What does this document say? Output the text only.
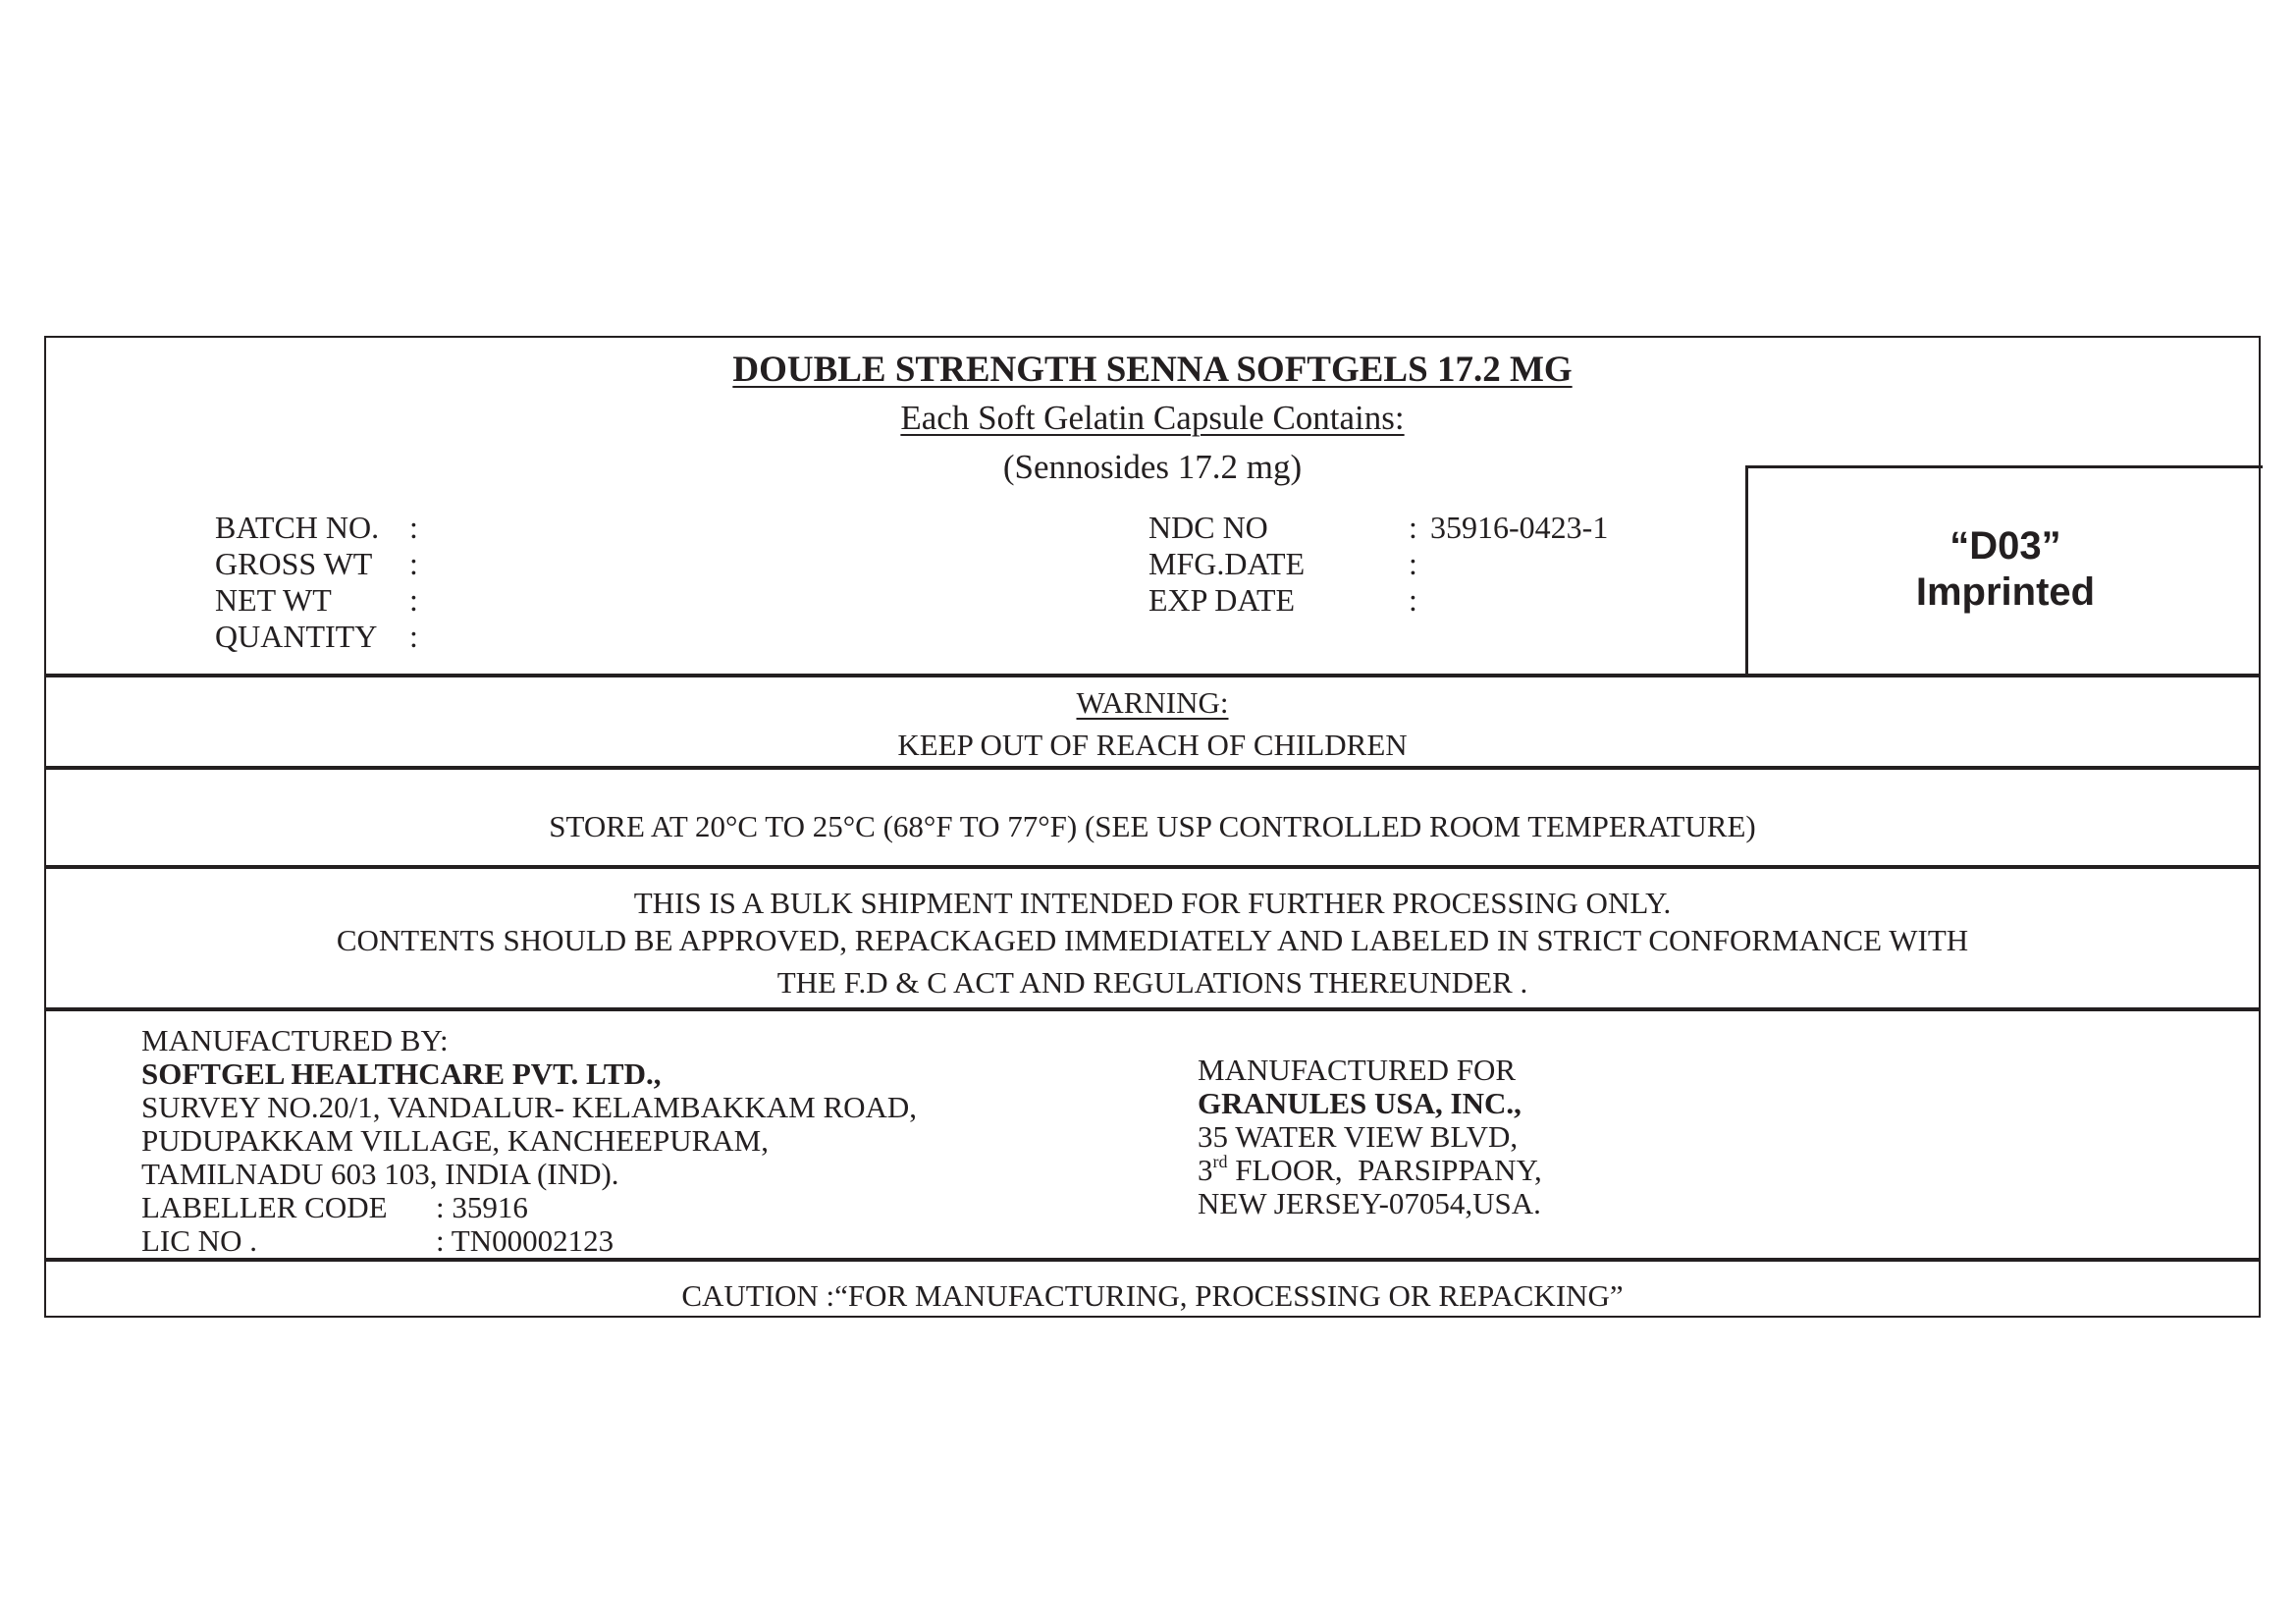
DOUBLE STRENGTH SENNA SOFTGELS 17.2 MG
Each Soft Gelatin Capsule Contains:
(Sennosides 17.2 mg)
BATCH NO. :
GROSS WT :
NET WT :
QUANTITY :
NDC NO	: 35916-0423-1
MFG.DATE	:
EXP DATE	:
“D03”
Imprinted
WARNING:
KEEP OUT OF REACH OF CHILDREN
STORE AT 20°C TO 25°C (68°F TO 77°F) (SEE USP CONTROLLED ROOM TEMPERATURE)
THIS IS A BULK SHIPMENT INTENDED FOR FURTHER PROCESSING ONLY.
CONTENTS SHOULD BE APPROVED, REPACKAGED IMMEDIATELY AND LABELED IN STRICT CONFORMANCE WITH
THE F.D & C ACT AND REGULATIONS THEREUNDER .
MANUFACTURED BY:
SOFTGEL HEALTHCARE PVT. LTD.,
SURVEY NO.20/1, VANDALUR- KELAMBAKKAM ROAD,
PUDUPAKKAM VILLAGE, KANCHEEPURAM,
TAMILNADU 603 103, INDIA (IND).
LABELLER CODE : 35916
LIC NO .	: TN00002123
MANUFACTURED FOR
GRANULES USA, INC.,
35 WATER VIEW BLVD,
3rd FLOOR,  PARSIPPANY,
NEW JERSEY-07054,USA.
CAUTION :“FOR MANUFACTURING, PROCESSING OR REPACKING”
